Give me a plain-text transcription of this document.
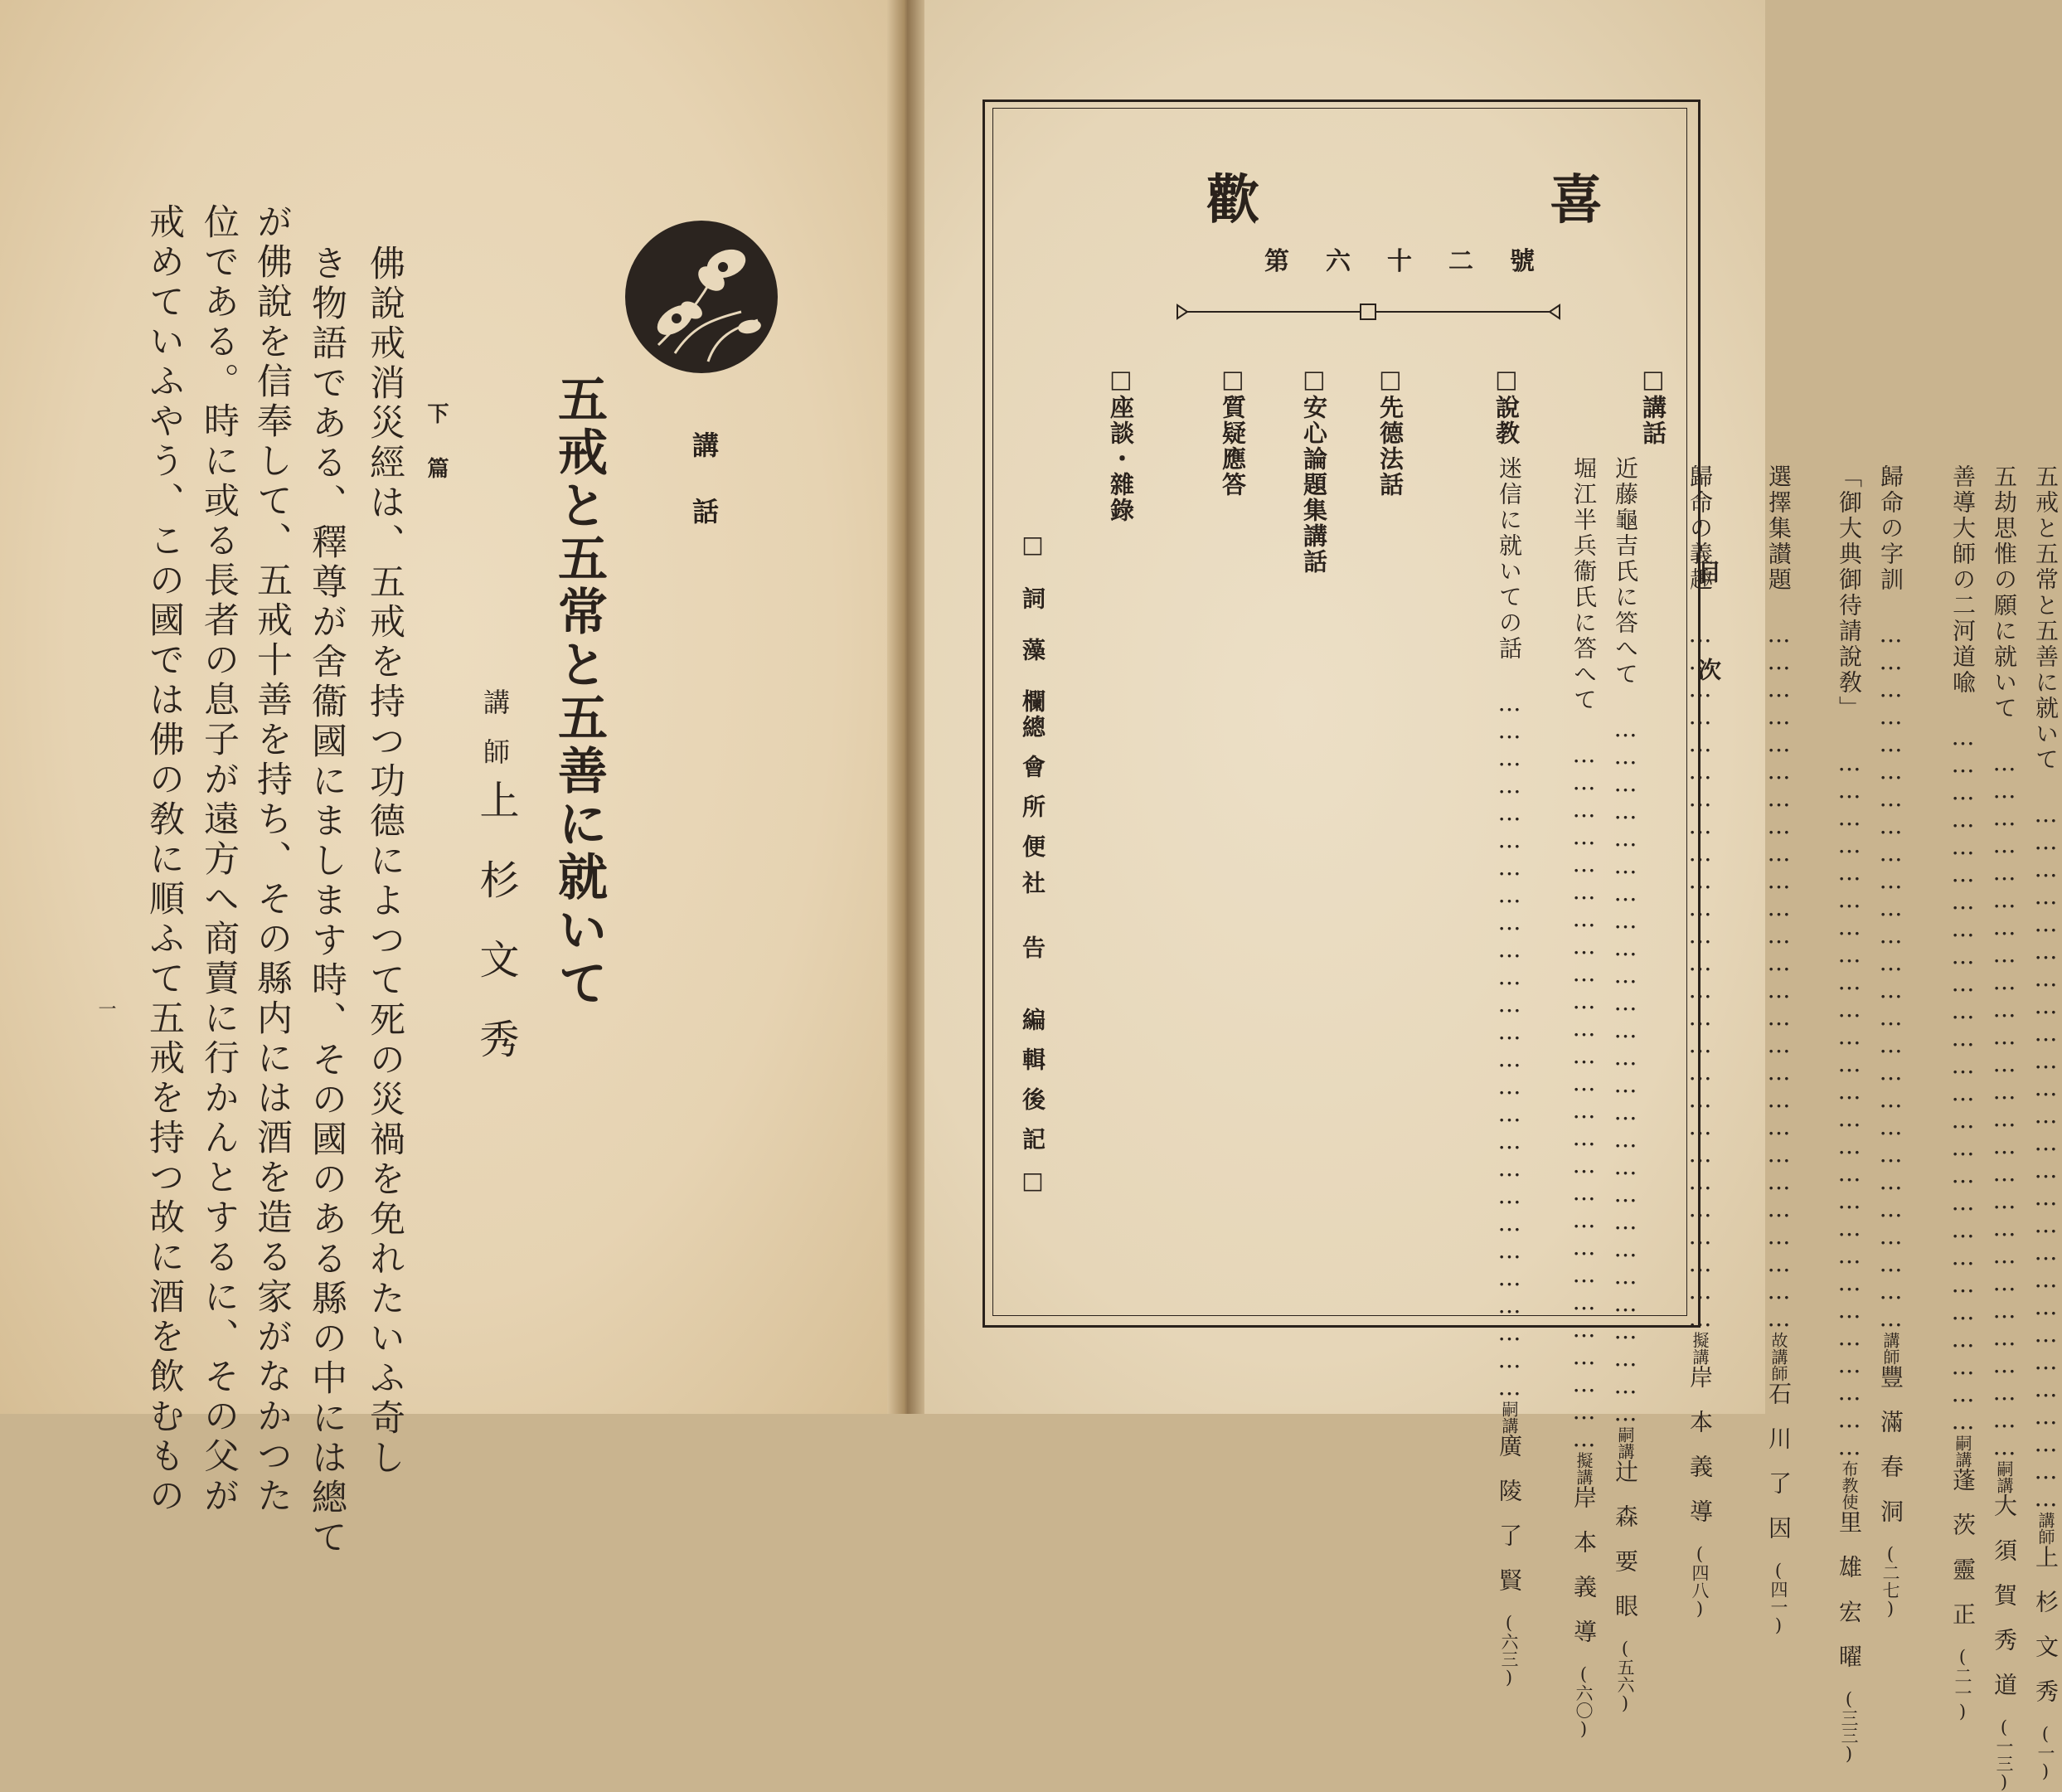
講話
五戒と五常と五善に就いて
講師
上杉文秀
下篇
佛說戒消災經は、五戒を持つ功德によつて死の災禍を免れたいふ奇し
き物語である、釋尊が舍衞國にまします時、その國のある縣の中には總て
が佛說を信奉して、五戒十善を持ち、その縣内には酒を造る家がなかつた
位である。時に或る長者の息子が遠方へ商賣に行かんとするに、その父が
戒めていふやう、この國では佛の敎に順ふて五戒を持つ故に酒を飲むもの
一
歡喜
第六十二號
目次
□ 講話
五戒と五常と五善に就いて ……………………………………………………………………講師上杉文秀(一)
五劫思惟の願に就いて ……………………………………………………………………嗣講大須賀秀道(一三)
善導大師の二河道喩 ……………………………………………………………………嗣講蓬茨靈正(二一)
□ 說教
歸命の字訓 ……………………………………………………………………講師豐滿春洞(二七)
「御大典御待請說敎」 ……………………………………………………………………布教使里雄宏曜(三三)
□ 先德法話
選擇集讃題 ……………………………………………………………………故講師石川了因(四一)
□ 安心論題集講話	歸命の義趣 ……………………………………………………………………擬講岸本義導(四八)
□ 質疑應答
近藤龜吉氏に答へて ……………………………………………………………………嗣講辻森要眼(五六)
堀江半兵衞氏に答へて ……………………………………………………………………擬講岸本義導(六〇)
□ 座談・雜錄	迷信に就いての話 ……………………………………………………………………嗣講廣陵了賢(六三)
□ 詞藻欄
總會所便
社告
編輯後記 □
